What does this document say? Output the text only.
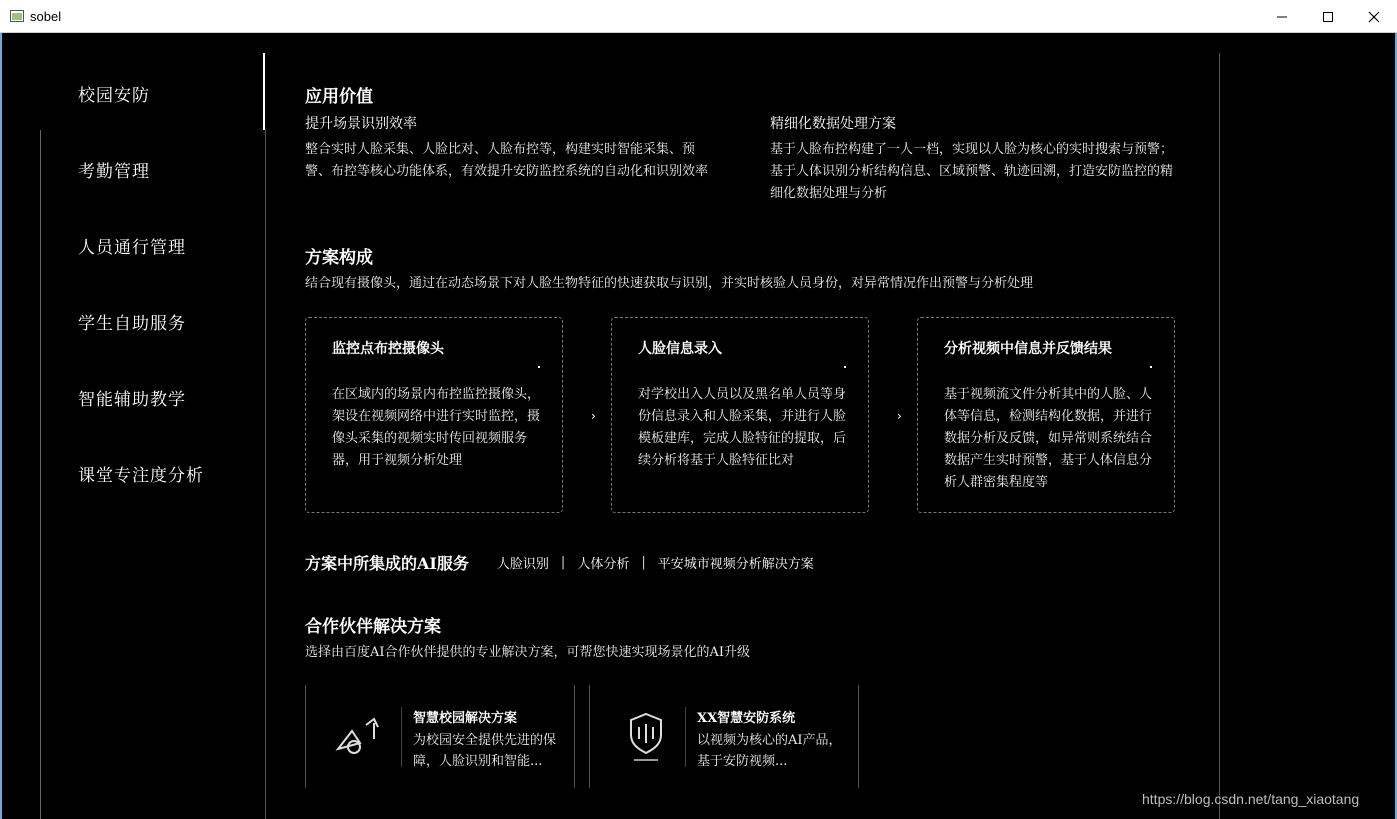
sobel
校园安防
考勤管理
人员通行管理
学生自助服务
智能辅助教学
课堂专注度分析
应用价值
提升场景识别效率
整合实时人脸采集、人脸比对、人脸布控等，构建实时智能采集、预警、布控等核心功能体系，有效提升安防监控系统的自动化和识别效率
精细化数据处理方案
基于人脸布控构建了一人一档，实现以人脸为核心的实时搜索与预警；基于人体识别分析结构信息、区域预警、轨迹回溯，打造安防监控的精细化数据处理与分析
方案构成
结合现有摄像头，通过在动态场景下对人脸生物特征的快速获取与识别，并实时核验人员身份，对异常情况作出预警与分析处理
监控点布控摄像头
在区域内的场景内布控监控摄像头，架设在视频网络中进行实时监控，摄像头采集的视频实时传回视频服务器，用于视频分析处理
›
人脸信息录入
对学校出入人员以及黑名单人员等身份信息录入和人脸采集，并进行人脸模板建库，完成人脸特征的提取，后续分析将基于人脸特征比对
›
分析视频中信息并反馈结果
基于视频流文件分析其中的人脸、人体等信息，检测结构化数据，并进行数据分析及反馈，如异常则系统结合数据产生实时预警，基于人体信息分析人群密集程度等
方案中所集成的AI服务 人脸识别 | 人体分析 | 平安城市视频分析解决方案
合作伙伴解决方案
选择由百度AI合作伙伴提供的专业解决方案，可帮您快速实现场景化的AI升级
智慧校园解决方案
为校园安全提供先进的保障，人脸识别和智能...
XX智慧安防系统
以视频为核心的AI产品，基于安防视频...
https://blog.csdn.net/tang_xiaotang
